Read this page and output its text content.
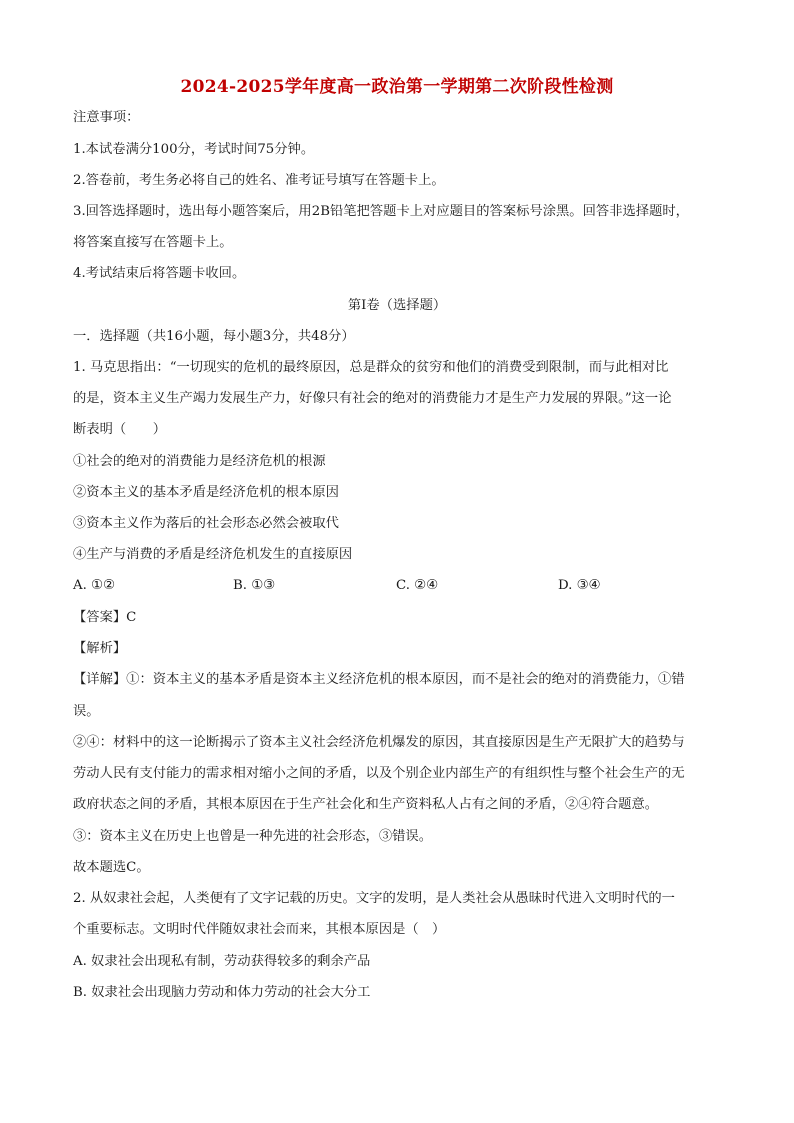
2024-2025学年度高一政治第一学期第二次阶段性检测
注意事项：
1.本试卷满分100分，考试时间75分钟。
2.答卷前，考生务必将自己的姓名、准考证号填写在答题卡上。
3.回答选择题时，选出每小题答案后，用2B铅笔把答题卡上对应题目的答案标号涂黑。回答非选择题时，
将答案直接写在答题卡上。
4.考试结束后将答题卡收回。
第Ⅰ卷（选择题）
一．选择题（共16小题，每小题3分，共48分）
1. 马克思指出：“一切现实的危机的最终原因，总是群众的贫穷和他们的消费受到限制，而与此相对比
的是，资本主义生产竭力发展生产力，好像只有社会的绝对的消费能力才是生产力发展的界限。”这一论
断表明（　　）
①社会的绝对的消费能力是经济危机的根源
②资本主义的基本矛盾是经济危机的根本原因
③资本主义作为落后的社会形态必然会被取代
④生产与消费的矛盾是经济危机发生的直接原因
A. ①②	B. ①③	C. ②④	D. ③④
【答案】C
【解析】
【详解】①：资本主义的基本矛盾是资本主义经济危机的根本原因，而不是社会的绝对的消费能力，①错
误。
②④：材料中的这一论断揭示了资本主义社会经济危机爆发的原因，其直接原因是生产无限扩大的趋势与
劳动人民有支付能力的需求相对缩小之间的矛盾，以及个别企业内部生产的有组织性与整个社会生产的无
政府状态之间的矛盾，其根本原因在于生产社会化和生产资料私人占有之间的矛盾，②④符合题意。
③：资本主义在历史上也曾是一种先进的社会形态，③错误。
故本题选C。
2. 从奴隶社会起，人类便有了文字记载的历史。文字的发明，是人类社会从愚昧时代进入文明时代的一
个重要标志。文明时代伴随奴隶社会而来，其根本原因是（　）
A. 奴隶社会出现私有制，劳动获得较多的剩余产品
B. 奴隶社会出现脑力劳动和体力劳动的社会大分工
